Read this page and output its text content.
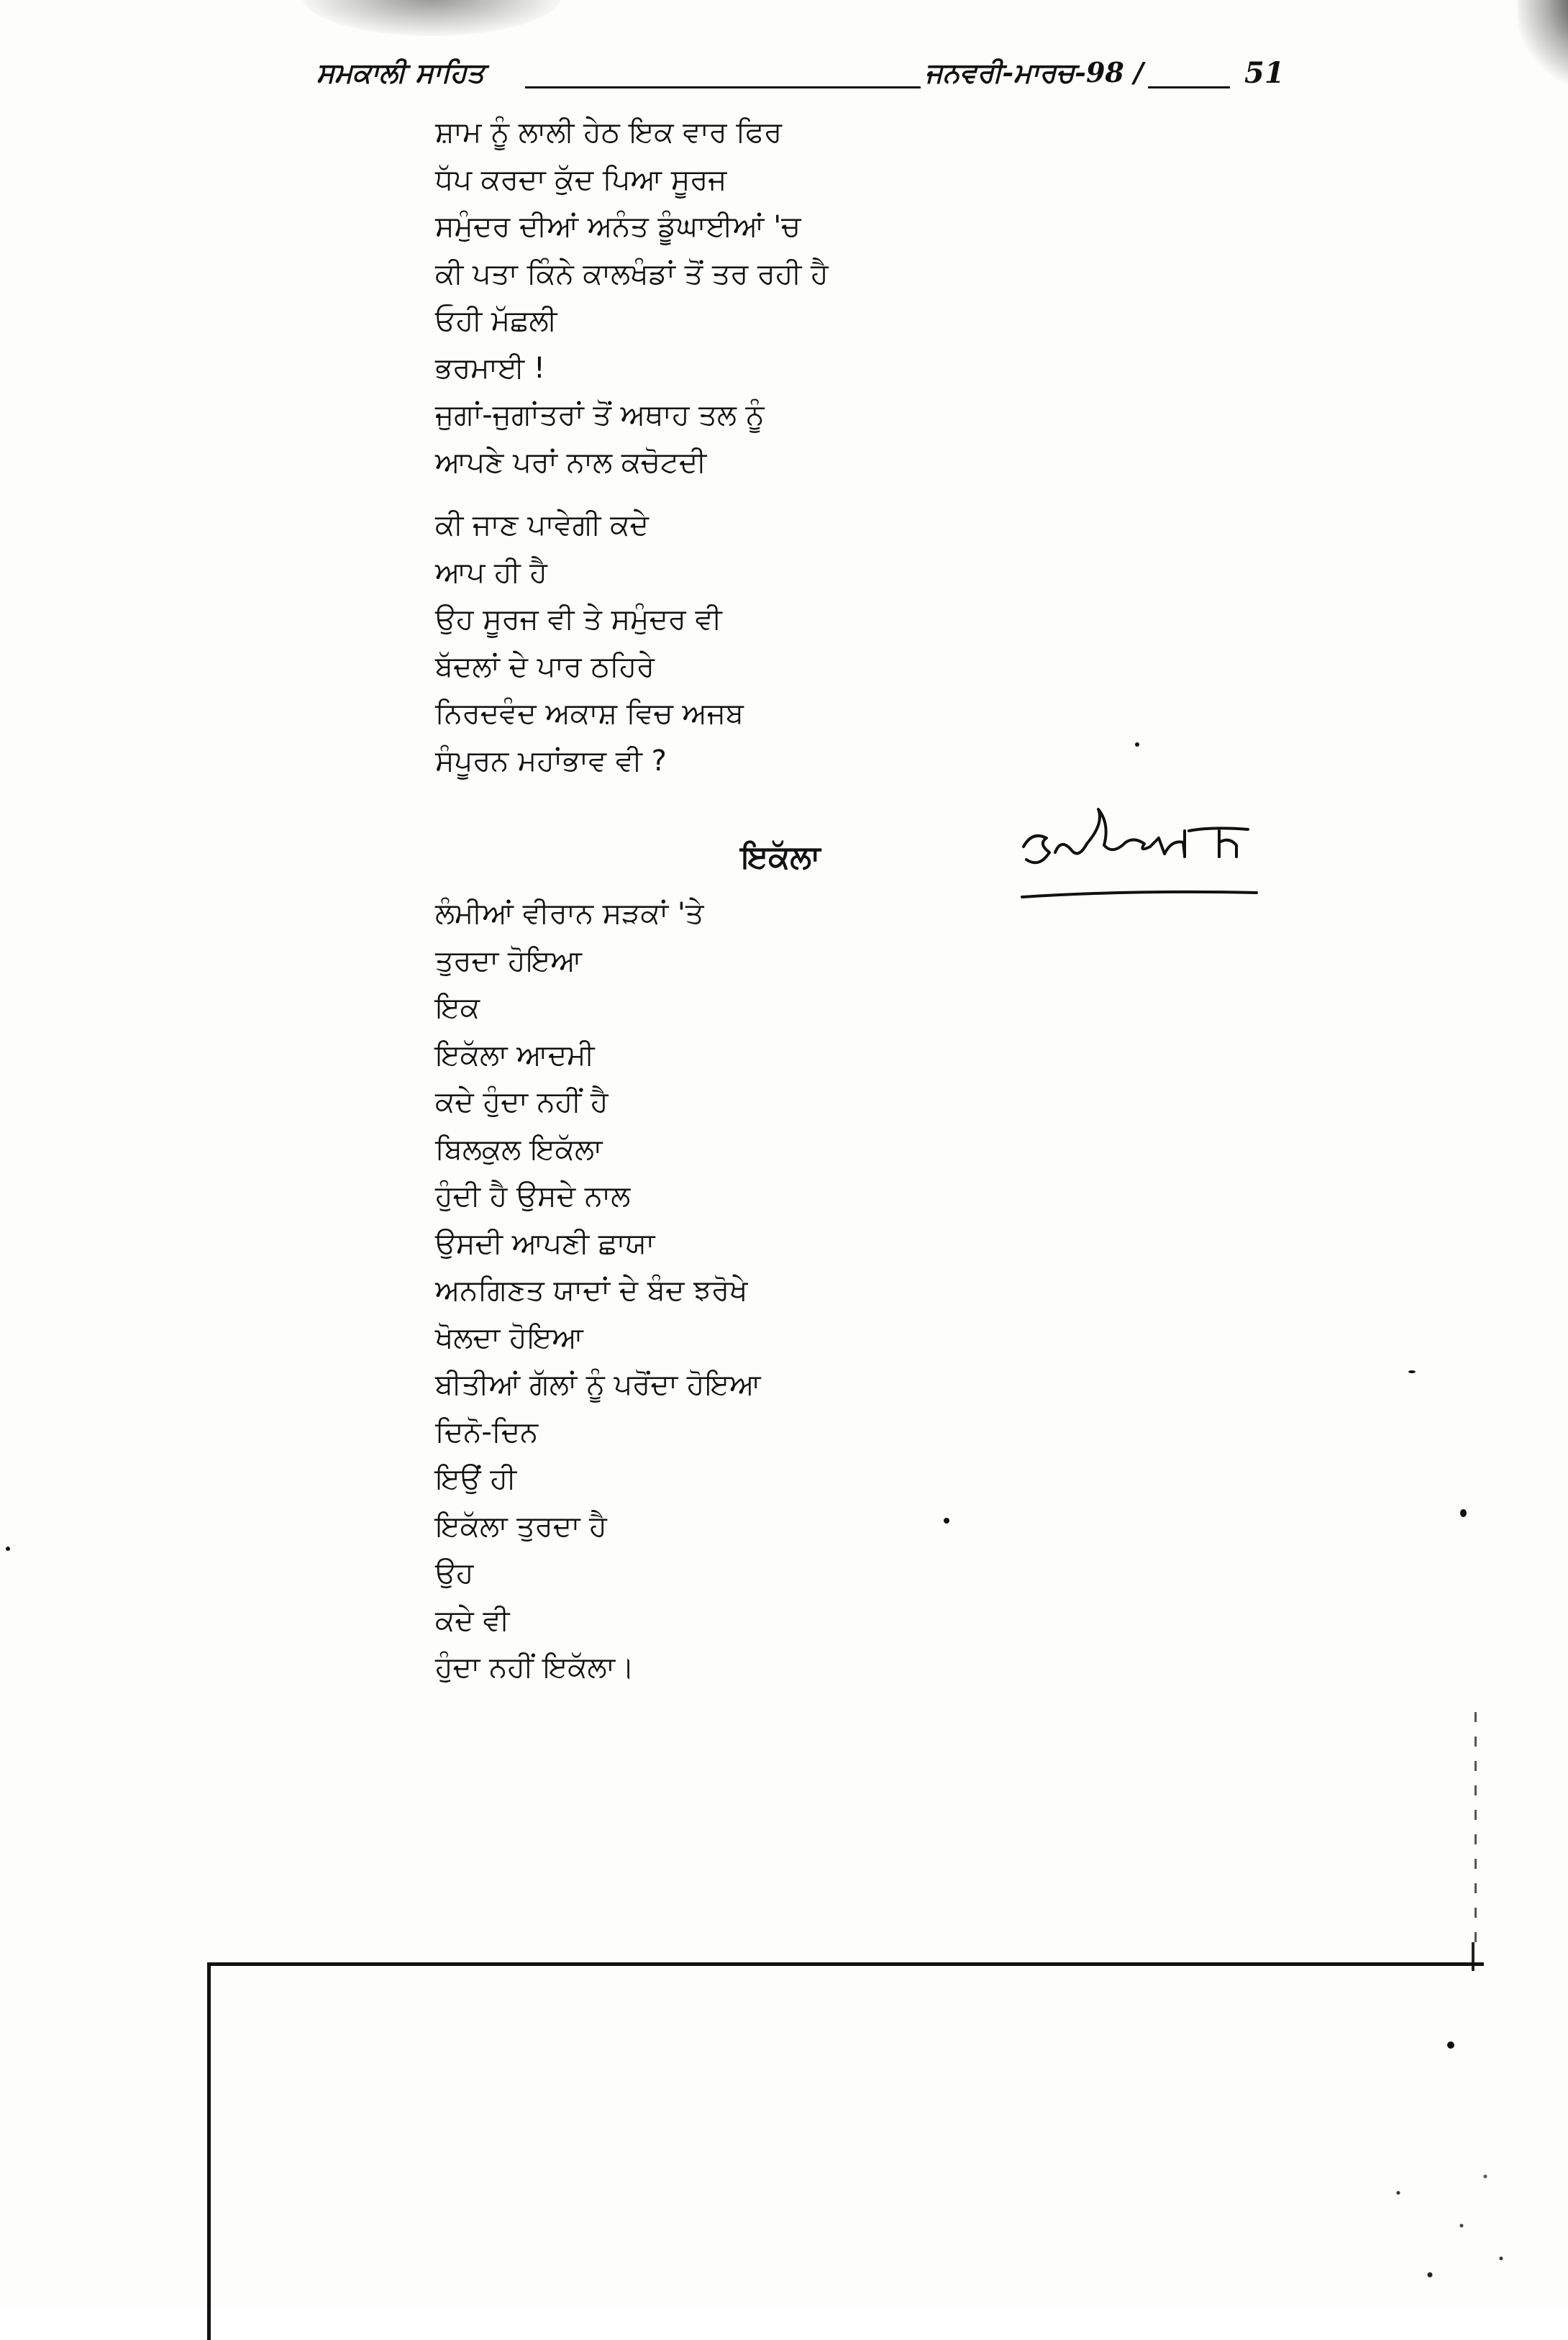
ਸਮਕਾਲੀ ਸਾਹਿਤ	ਜਨਵਰੀ-ਮਾਰਚ-98 /	51
ਸ਼ਾਮ ਨੂੰ ਲਾਲੀ ਹੇਠ ਇਕ ਵਾਰ ਫਿਰ
ਧੱਪ ਕਰਦਾ ਕੁੱਦ ਪਿਆ ਸੂਰਜ
ਸਮੁੰਦਰ ਦੀਆਂ ਅਨੰਤ ਡੂੰਘਾਈਆਂ 'ਚ
ਕੀ ਪਤਾ ਕਿੰਨੇ ਕਾਲਖੰਡਾਂ ਤੋਂ ਤਰ ਰਹੀ ਹੈ
ਓਹੀ ਮੱਛਲੀ
ਭਰਮਾਈ !
ਜੁਗਾਂ-ਜੁਗਾਂਤਰਾਂ ਤੋਂ ਅਥਾਹ ਤਲ ਨੂੰ
ਆਪਣੇ ਪਰਾਂ ਨਾਲ ਕਚੋਟਦੀ
ਕੀ ਜਾਣ ਪਾਵੇਗੀ ਕਦੇ
ਆਪ ਹੀ ਹੈ
ਉਹ ਸੂਰਜ ਵੀ ਤੇ ਸਮੁੰਦਰ ਵੀ
ਬੱਦਲਾਂ ਦੇ ਪਾਰ ਠਹਿਰੇ
ਨਿਰਦਵੰਦ ਅਕਾਸ਼ ਵਿਚ ਅਜਬ
ਸੰਪੂਰਨ ਮਹਾਂਭਾਵ ਵੀ ?
ਇਕੱਲਾ
ਤੁਰਕੀਲਾ
ਲੰਮੀਆਂ ਵੀਰਾਨ ਸੜਕਾਂ 'ਤੇ
ਤੁਰਦਾ ਹੋਇਆ
ਇਕ
ਇਕੱਲਾ ਆਦਮੀ
ਕਦੇ ਹੁੰਦਾ ਨਹੀਂ ਹੈ
ਬਿਲਕੁਲ ਇਕੱਲਾ
ਹੁੰਦੀ ਹੈ ਉਸਦੇ ਨਾਲ
ਉਸਦੀ ਆਪਣੀ ਛਾਯਾ
ਅਨਗਿਣਤ ਯਾਦਾਂ ਦੇ ਬੰਦ ਝਰੋਖੇ
ਖੋਲਦਾ ਹੋਇਆ
ਬੀਤੀਆਂ ਗੱਲਾਂ ਨੂੰ ਪਰੋਂਦਾ ਹੋਇਆ
ਦਿਨੋ-ਦਿਨ
ਇਉਂ ਹੀ
ਇਕੱਲਾ ਤੁਰਦਾ ਹੈ
ਉਹ
ਕਦੇ ਵੀ
ਹੁੰਦਾ ਨਹੀਂ ਇਕੱਲਾ।
